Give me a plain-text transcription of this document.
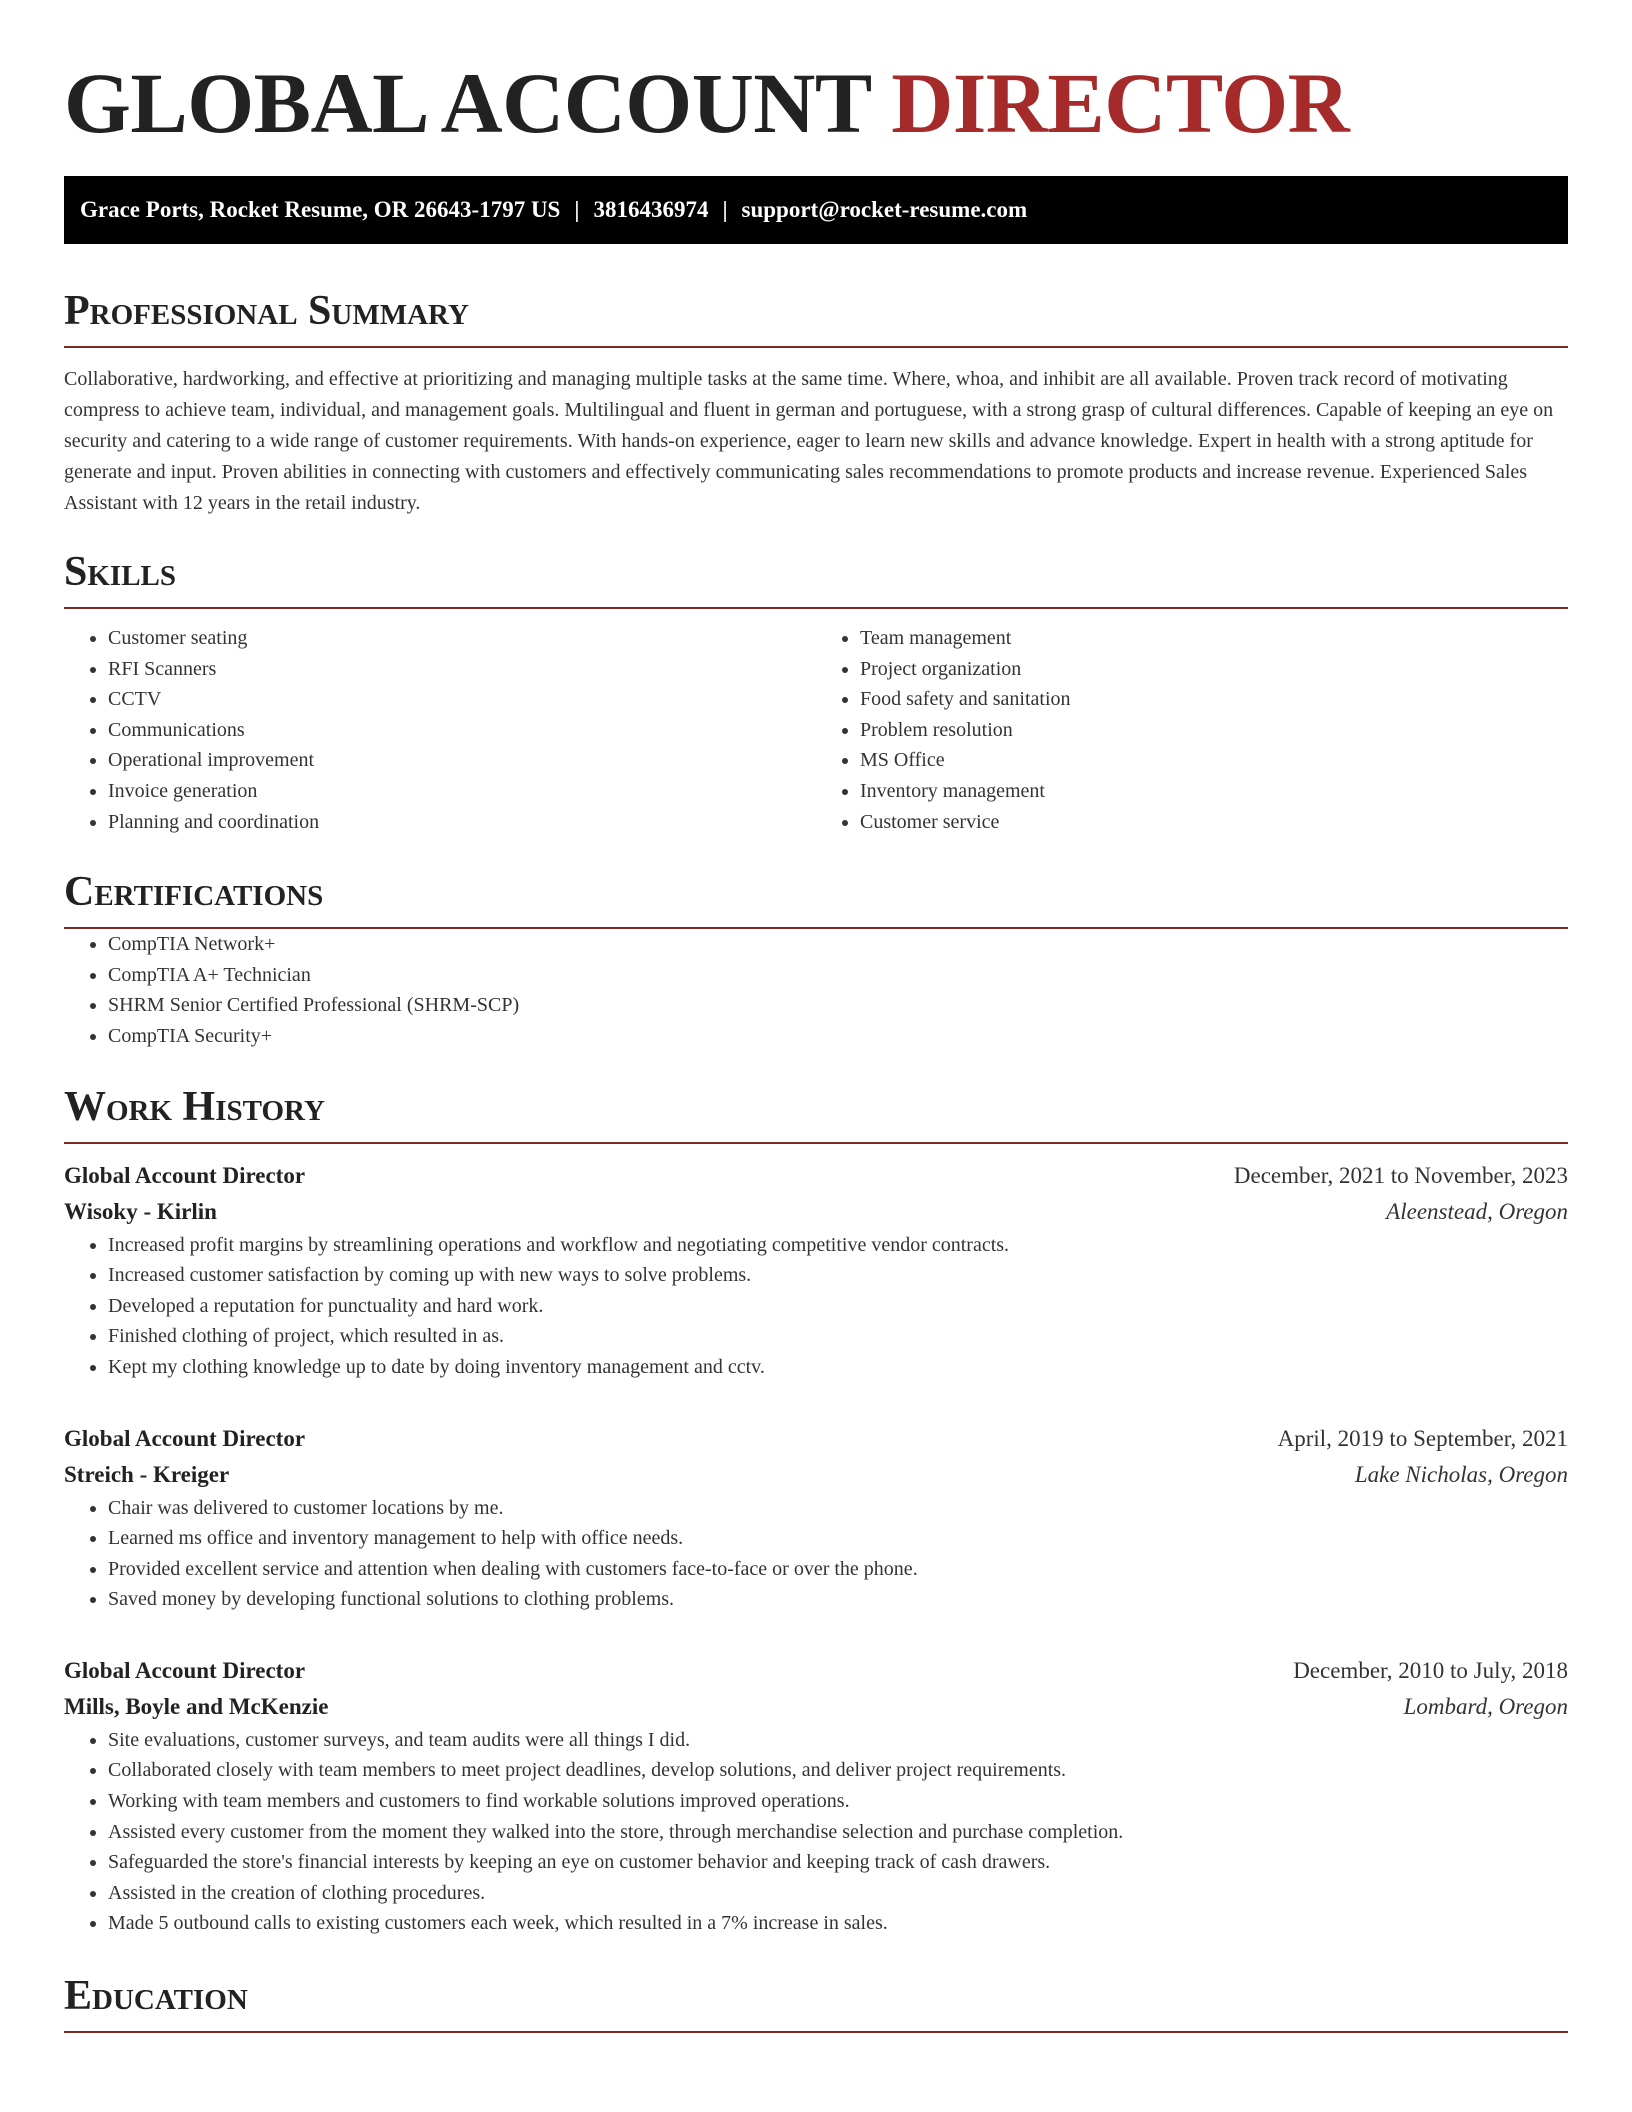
GLOBAL ACCOUNT DIRECTOR
Grace Ports, Rocket Resume, OR 26643-1797 US | 3816436974 | support@rocket-resume.com
Professional Summary

Collaborative, hardworking, and effective at prioritizing and managing multiple tasks at the same time. Where, whoa, and inhibit are all available. Proven track record of motivating compress to achieve team, individual, and management goals. Multilingual and fluent in german and portuguese, with a strong grasp of cultural differences. Capable of keeping an eye on security and catering to a wide range of customer requirements. With hands-on experience, eager to learn new skills and advance knowledge. Expert in health with a strong aptitude for generate and input. Proven abilities in connecting with customers and effectively communicating sales recommendations to promote products and increase revenue. Experienced Sales Assistant with 12 years in the retail industry.

Skills
• Customer seating
• RFI Scanners
• CCTV
• Communications
• Operational improvement
• Invoice generation
• Planning and coordination
• Team management
• Project organization
• Food safety and sanitation
• Problem resolution
• MS Office
• Inventory management
• Customer service
Certifications
• CompTIA Network+
• CompTIA A+ Technician
• SHRM Senior Certified Professional (SHRM-SCP)
• CompTIA Security+
Work History
Global Account Director	December, 2021 to November, 2023
Wisoky - Kirlin	Aleenstead, Oregon
• Increased profit margins by streamlining operations and workflow and negotiating competitive vendor contracts.
• Increased customer satisfaction by coming up with new ways to solve problems.
• Developed a reputation for punctuality and hard work.
• Finished clothing of project, which resulted in as.
• Kept my clothing knowledge up to date by doing inventory management and cctv.
Global Account Director	April, 2019 to September, 2021
Streich - Kreiger	Lake Nicholas, Oregon
• Chair was delivered to customer locations by me.
• Learned ms office and inventory management to help with office needs.
• Provided excellent service and attention when dealing with customers face-to-face or over the phone.
• Saved money by developing functional solutions to clothing problems.
Global Account Director	December, 2010 to July, 2018
Mills, Boyle and McKenzie	Lombard, Oregon
• Site evaluations, customer surveys, and team audits were all things I did.
• Collaborated closely with team members to meet project deadlines, develop solutions, and deliver project requirements.
• Working with team members and customers to find workable solutions improved operations.
• Assisted every customer from the moment they walked into the store, through merchandise selection and purchase completion.
• Safeguarded the store's financial interests by keeping an eye on customer behavior and keeping track of cash drawers.
• Assisted in the creation of clothing procedures.
• Made 5 outbound calls to existing customers each week, which resulted in a 7% increase in sales.
Education
